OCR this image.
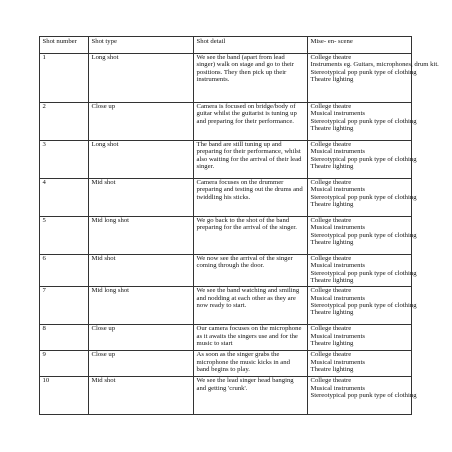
Shot number	Shot type	Shot detail	Mise- en- scene
1	Long shot	We see the band (apart from lead singer) walk on stage and go to their positions. They then pick up their instruments.	College theatre
Instruments eg. Guitars, microphones, drum kit.
Stereotypical pop punk type of clothing
Theatre lighting

2	Close up	Camera is focused on bridge/body of guitar whilst the guitarist is tuning up and preparing for their performance.	College theatre
Musical instruments
Stereotypical pop punk type of clothing
Theatre lighting

3	Long shot	The band are still tuning up and preparing for their performance, whilst also waiting for the arrival of their lead singer.	College theatre
Musical instruments
Stereotypical pop punk type of clothing
Theatre lighting

4	Mid shot	Camera focuses on the drummer preparing and testing out the drums and twiddling his sticks.	College theatre
Musical instruments
Stereotypical pop punk type of clothing
Theatre lighting

5	Mid long shot	We go back to the shot of the band preparing for the arrival of the singer.	College theatre
Musical instruments
Stereotypical pop punk type of clothing
Theatre lighting

6	Mid shot	We now see the arrival of the singer coming through the door.	College theatre
Musical instruments
Stereotypical pop punk type of clothing
Theatre lighting

7	Mid long shot	We see the band watching and smiling and nodding at each other as they are now ready to start.	College theatre
Musical instruments
Stereotypical pop punk type of clothing
Theatre lighting

8	Close up	Our camera focuses on the microphone as it awaits the singers use and for the music to start	College theatre
Musical instruments
Theatre lighting

9	Close up	As soon as the singer grabs the microphone the music kicks in and band begins to play.	College theatre
Musical instruments
Theatre lighting

10	Mid shot	We see the lead singer head banging and getting 'crunk'.	College theatre
Musical instruments
Stereotypical pop punk type of clothing
